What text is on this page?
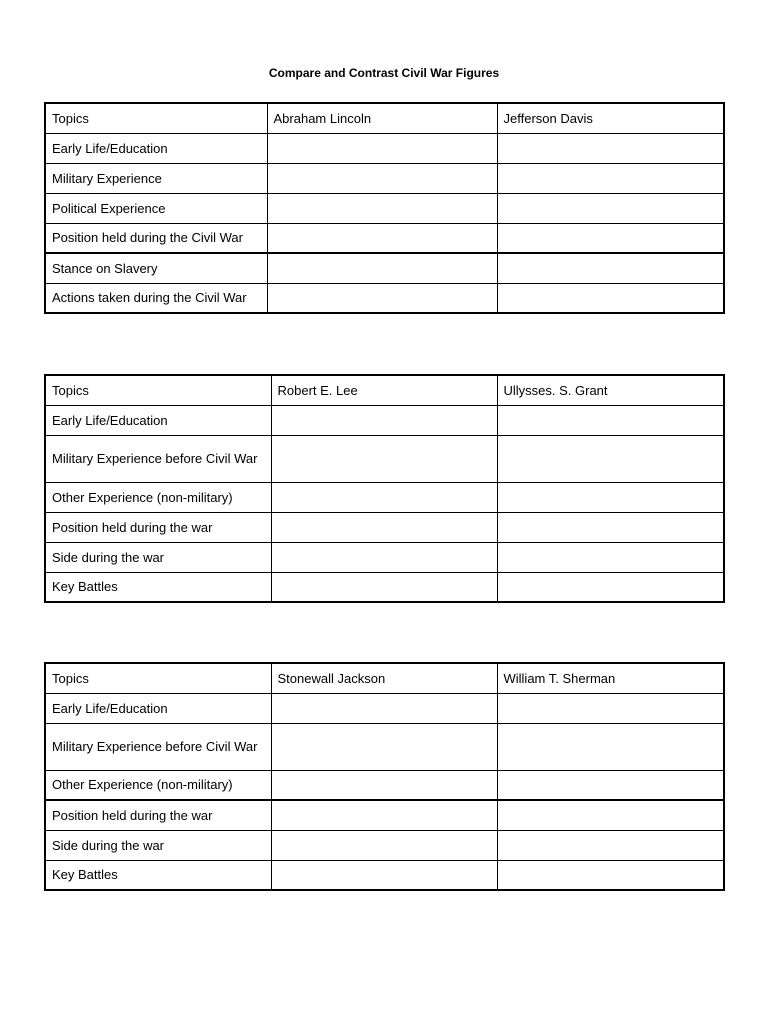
Compare and Contrast Civil War Figures
Topics	Abraham Lincoln	Jefferson Davis
Early Life/Education		
Military Experience		
Political Experience		
Position held during the Civil War		
Stance on Slavery		
Actions taken during the Civil War		
Topics	Robert E. Lee	Ullysses. S. Grant
Early Life/Education		
Military Experience before Civil War		
Other Experience (non-military)		
Position held during the war		
Side during the war		
Key Battles		
Topics	Stonewall Jackson	William T. Sherman
Early Life/Education		
Military Experience before Civil War		
Other Experience (non-military)		
Position held during the war		
Side during the war		
Key Battles		
